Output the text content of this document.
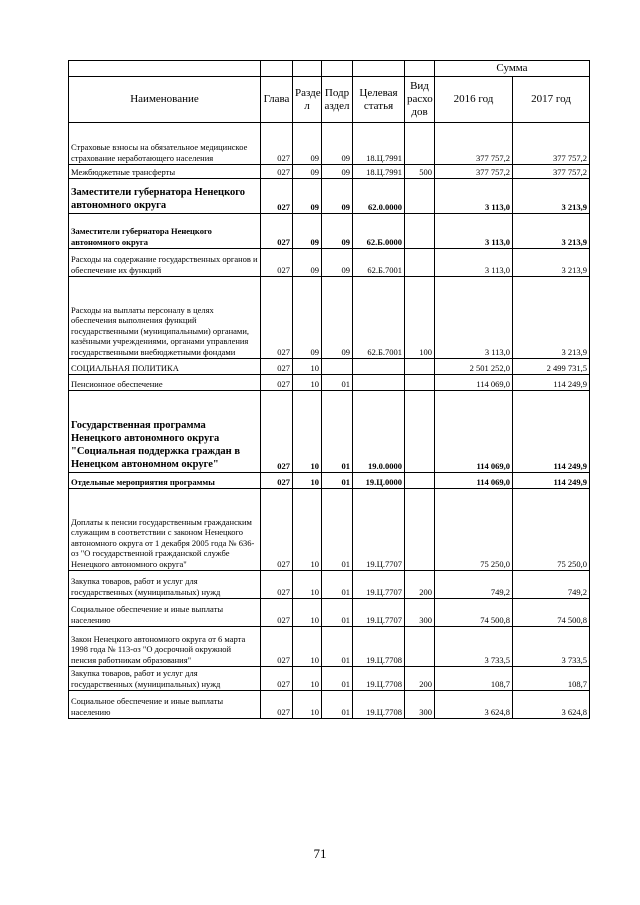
						Сумма	
Наименование	Глава	Разде л	Подр аздел	Целевая статья	Вид расхо дов	2016 год	2017 год
Страховые взносы на обязательное медицинское страхование неработающего населения	027	09	09	18.Ц.7991		377 757,2	377 757,2
Межбюджетные трансферты	027	09	09	18.Ц.7991	500	377 757,2	377 757,2
Заместители губернатора Ненецкого автономного округа	027	09	09	62.0.0000		3 113,0	3 213,9
Заместители губернатора Ненецкого автономного округа	027	09	09	62.Б.0000		3 113,0	3 213,9
Расходы на содержание государственных органов и обеспечение их функций	027	09	09	62.Б.7001		3 113,0	3 213,9
Расходы на выплаты персоналу в целях обеспечения выполнения функций государственными (муниципальными) органами, казёнными учреждениями, органами управления государственными внебюджетными фондами	027	09	09	62.Б.7001	100	3 113,0	3 213,9
СОЦИАЛЬНАЯ ПОЛИТИКА	027	10				2 501 252,0	2 499 731,5
Пенсионное обеспечение	027	10	01			114 069,0	114 249,9
Государственная программа Ненецкого автономного округа "Социальная поддержка граждан в Ненецком автономном округе"	027	10	01	19.0.0000		114 069,0	114 249,9
Отдельные мероприятия программы	027	10	01	19.Ц.0000		114 069,0	114 249,9
Доплаты к пенсии государственным гражданским служащим в соответствии с законом Ненецкого автономного округа от 1 декабря 2005 года № 636-оз "О государственной гражданской службе Ненецкого автономного округа"	027	10	01	19.Ц.7707		75 250,0	75 250,0
Закупка товаров, работ и услуг для государственных (муниципальных) нужд	027	10	01	19.Ц.7707	200	749,2	749,2
Социальное обеспечение и иные выплаты населению	027	10	01	19.Ц.7707	300	74 500,8	74 500,8
Закон Ненецкого автономного округа от 6 марта 1998 года № 113-оз "О досрочной окружной пенсия работникам образования"	027	10	01	19.Ц.7708		3 733,5	3 733,5
Закупка товаров, работ и услуг для государственных (муниципальных) нужд	027	10	01	19.Ц.7708	200	108,7	108,7
Социальное обеспечение и иные выплаты населению	027	10	01	19.Ц.7708	300	3 624,8	3 624,8
71
